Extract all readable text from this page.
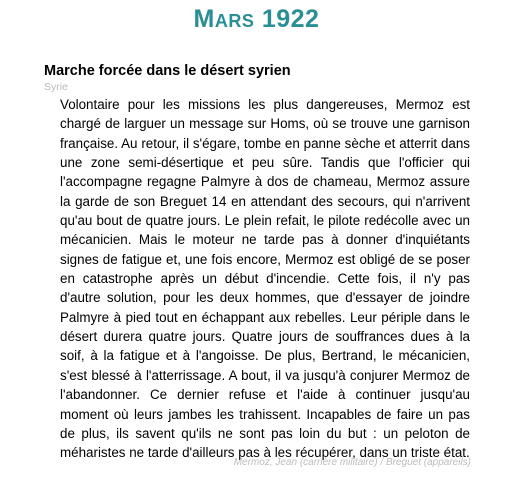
Mars 1922
Marche forcée dans le désert syrien

Syrie

Volontaire pour les missions les plus dangereuses, Mermoz est chargé de larguer un message sur Homs, où se trouve une garnison française. Au retour, il s'égare, tombe en panne sèche et atterrit dans une zone semi-désertique et peu sûre. Tandis que l'officier qui l'accompagne regagne Palmyre à dos de chameau, Mermoz assure la garde de son Breguet 14 en attendant des secours, qui n'arrivent qu'au bout de quatre jours. Le plein refait, le pilote redécolle avec un mécanicien. Mais le moteur ne tarde pas à donner d'inquiétants signes de fatigue et, une fois encore, Mermoz est obligé de se poser en catastrophe après un début d'incendie. Cette fois, il n'y pas d'autre solution, pour les deux hommes, que d'essayer de joindre Palmyre à pied tout en échappant aux rebelles. Leur périple dans le désert durera quatre jours. Quatre jours de souffrances dues à la soif, à la fatigue et à l'angoisse. De plus, Bertrand, le mécanicien, s'est blessé à l'atterrissage. A bout, il va jusqu'à conjurer Mermoz de l'abandonner. Ce dernier refuse et l'aide à continuer jusqu'au moment où leurs jambes les trahissent. Incapables de faire un pas de plus, ils savent qu'ils ne sont pas loin du but : un peloton de méharistes ne tarde d'ailleurs pas à les récupérer, dans un triste état.

Mermoz, Jean (carrière militaire) / Breguet (appareils)
